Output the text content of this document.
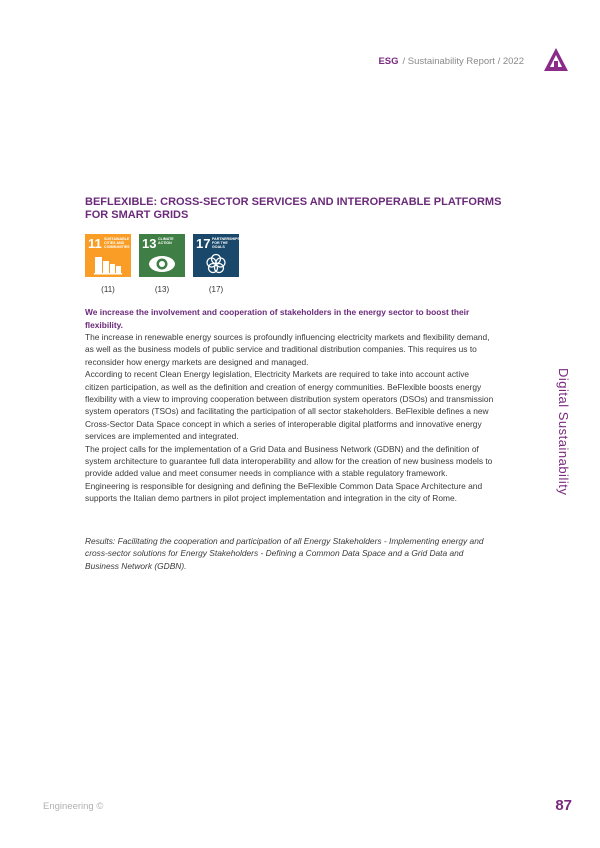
ESG / Sustainability Report / 2022
BEFLEXIBLE: CROSS-SECTOR SERVICES AND INTEROPERABLE PLATFORMS FOR SMART GRIDS
11 SUSTAINABLE CITIES AND COMMUNITIES 13 CLIMATE ACTION	17 PARTNERSHIPS FOR THE GOALS
(11)	(13)	(17)
We increase the involvement and cooperation of stakeholders in the energy sector to boost their flexibility.

The increase in renewable energy sources is profoundly influencing electricity markets and flexibility demand, as well as the business models of public service and traditional distribution companies. This requires us to reconsider how energy markets are designed and managed.

According to recent Clean Energy legislation, Electricity Markets are required to take into account active citizen participation, as well as the definition and creation of energy communities. BeFlexible boosts energy flexibility with a view to improving cooperation between distribution system operators (DSOs) and transmission system operators (TSOs) and facilitating the participation of all sector stakeholders. BeFlexible defines a new Cross-Sector Data Space concept in which a series of interoperable digital platforms and innovative energy services are implemented and integrated.

The project calls for the implementation of a Grid Data and Business Network (GDBN) and the definition of system architecture to guarantee full data interoperability and allow for the creation of new business models to provide added value and meet consumer needs in compliance with a stable regulatory framework.

Engineering is responsible for designing and defining the BeFlexible Common Data Space Architecture and supports the Italian demo partners in pilot project implementation and integration in the city of Rome.

Results: Facilitating the cooperation and participation of all Energy Stakeholders - Implementing energy and cross-sector solutions for Energy Stakeholders - Defining a Common Data Space and a Grid Data and Business Network (GDBN).
Digital Sustainability
Engineering ©	87
